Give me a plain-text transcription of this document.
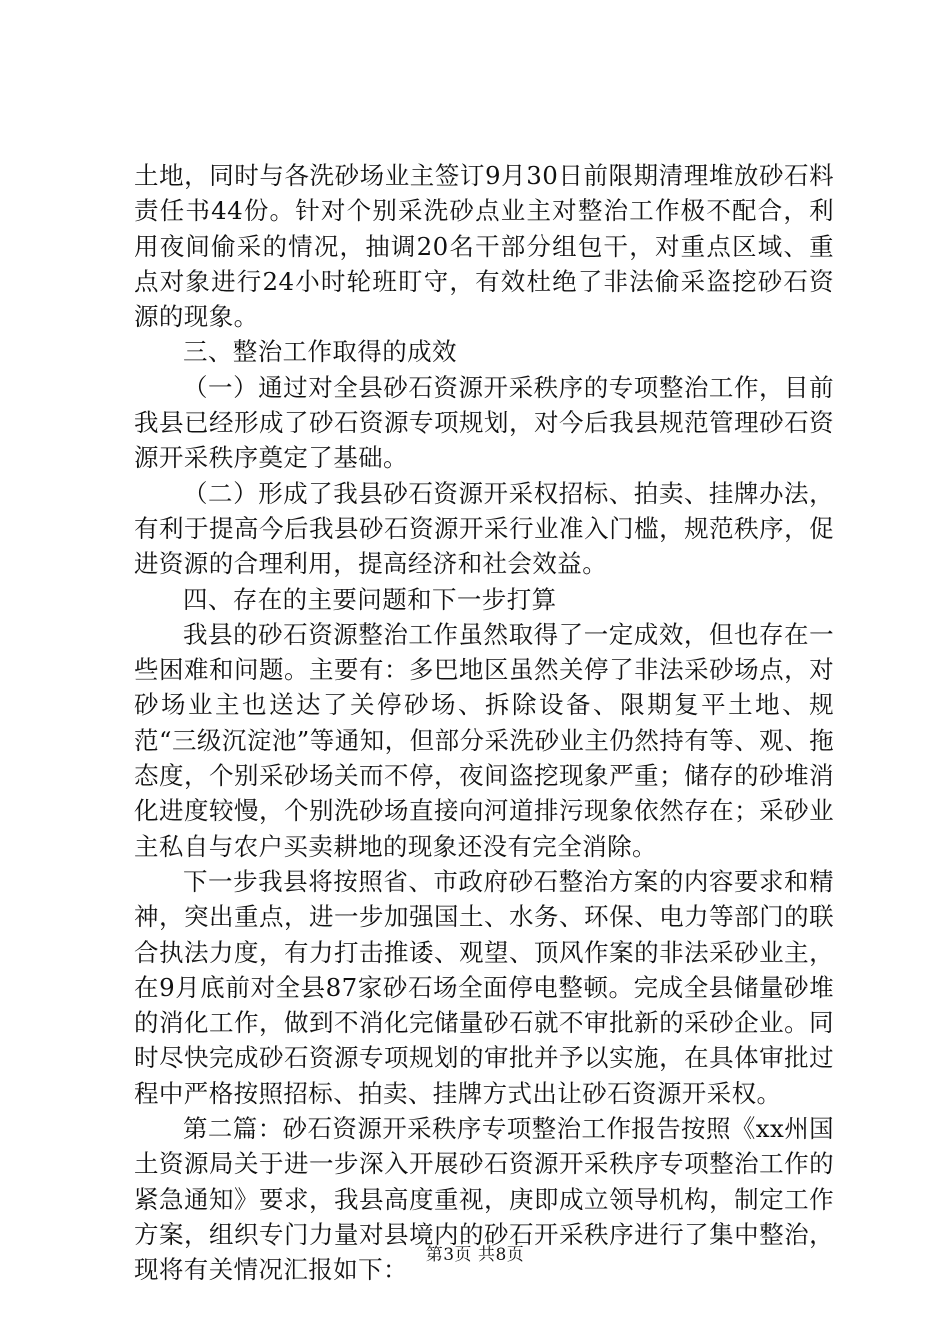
土地，同时与各洗砂场业主签订9月30日前限期清理堆放砂石料责任书44份。针对个别采洗砂点业主对整治工作极不配合，利用夜间偷采的情况，抽调20名干部分组包干，对重点区域、重点对象进行24小时轮班盯守，有效杜绝了非法偷采盗挖砂石资源的现象。

三、整治工作取得的成效

（一）通过对全县砂石资源开采秩序的专项整治工作，目前我县已经形成了砂石资源专项规划，对今后我县规范管理砂石资源开采秩序奠定了基础。

（二）形成了我县砂石资源开采权招标、拍卖、挂牌办法，有利于提高今后我县砂石资源开采行业准入门槛，规范秩序，促进资源的合理利用，提高经济和社会效益。

四、存在的主要问题和下一步打算

我县的砂石资源整治工作虽然取得了一定成效，但也存在一些困难和问题。主要有：多巴地区虽然关停了非法采砂场点，对砂场业主也送达了关停砂场、拆除设备、限期复平土地、规范“三级沉淀池”等通知，但部分采洗砂业主仍然持有等、观、拖态度，个别采砂场关而不停，夜间盗挖现象严重；储存的砂堆消化进度较慢，个别洗砂场直接向河道排污现象依然存在；采砂业主私自与农户买卖耕地的现象还没有完全消除。

下一步我县将按照省、市政府砂石整治方案的内容要求和精神，突出重点，进一步加强国土、水务、环保、电力等部门的联合执法力度，有力打击推诿、观望、顶风作案的非法采砂业主，在9月底前对全县87家砂石场全面停电整顿。完成全县储量砂堆的消化工作，做到不消化完储量砂石就不审批新的采砂企业。同时尽快完成砂石资源专项规划的审批并予以实施，在具体审批过程中严格按照招标、拍卖、挂牌方式出让砂石资源开采权。

第二篇：砂石资源开采秩序专项整治工作报告按照《xx州国土资源局关于进一步深入开展砂石资源开采秩序专项整治工作的紧急通知》要求，我县高度重视，庚即成立领导机构，制定工作方案，组织专门力量对县境内的砂石开采秩序进行了集中整治，现将有关情况汇报如下：

第3页 共8页
